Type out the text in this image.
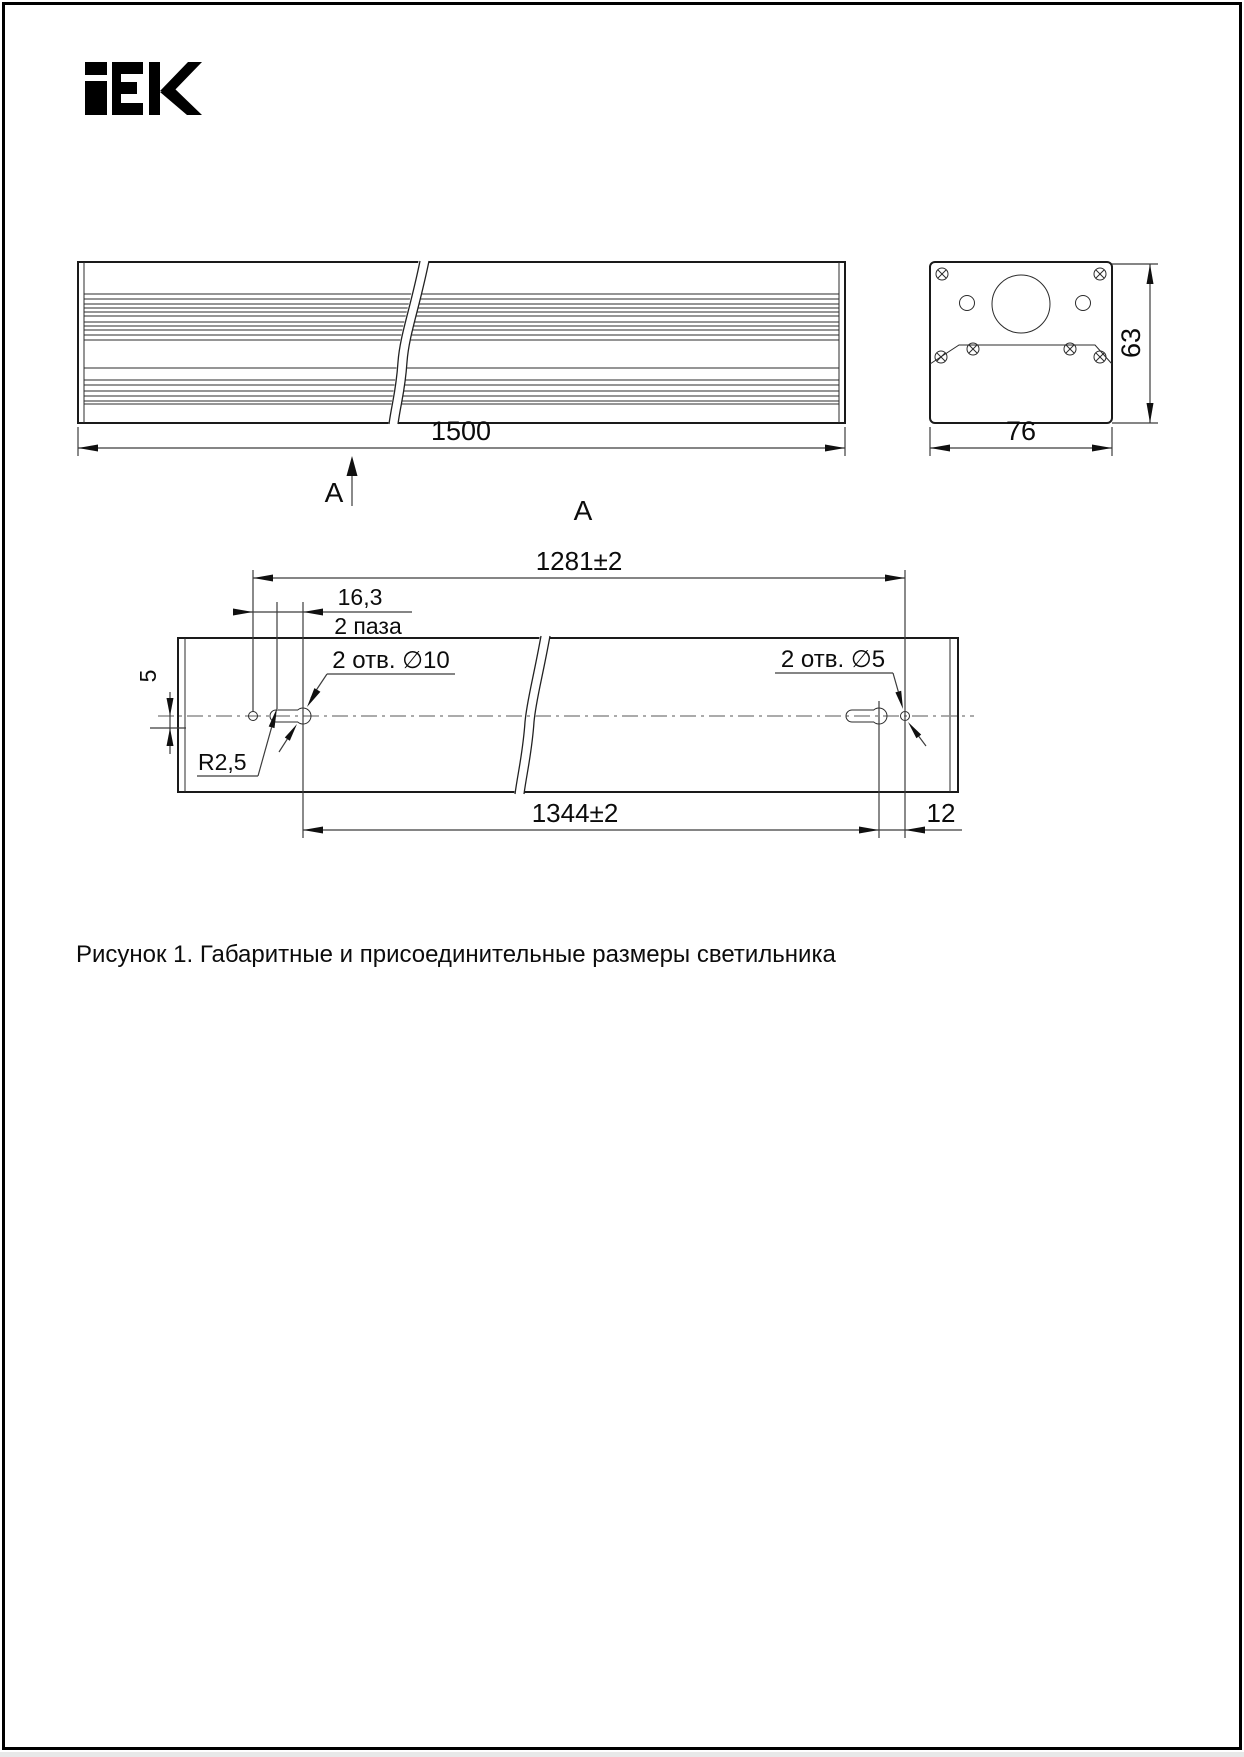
1500
A
76
63
A
1281±2
16,3
2 паза
2 отв. ∅10
R2,5
5
2 отв. ∅5
1344±2	12
Рисунок 1. Габаритные и присоединительные размеры светильника
